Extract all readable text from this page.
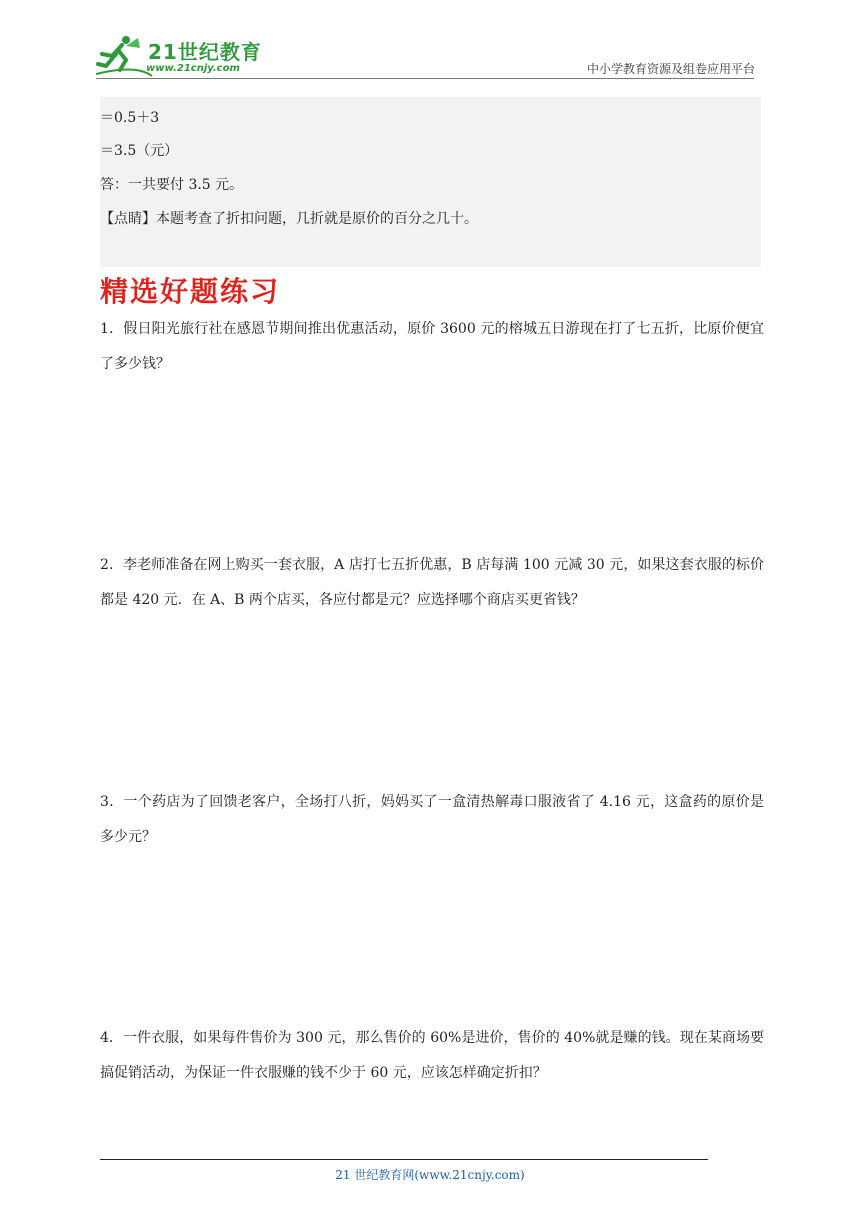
21世纪教育
www.21cnjy.com	中小学教育资源及组卷应用平台
＝0.5＋3
＝3.5（元）
答：一共要付 3.5 元。
【点睛】本题考查了折扣问题，几折就是原价的百分之几十。
精选好题练习
1．假日阳光旅行社在感恩节期间推出优惠活动，原价 3600 元的榕城五日游现在打了七五折，比原价便宜了多少钱？
2．李老师准备在网上购买一套衣服，A 店打七五折优惠，B 店每满 100 元减 30 元，如果这套衣服的标价都是 420 元．在 A、B 两个店买，各应付都是元？应选择哪个商店买更省钱？
3．一个药店为了回馈老客户，全场打八折，妈妈买了一盒清热解毒口服液省了 4.16 元，这盒药的原价是多少元？
4．一件衣服，如果每件售价为 300 元，那么售价的 60%是进价，售价的 40%就是赚的钱。现在某商场要搞促销活动，为保证一件衣服赚的钱不少于 60 元，应该怎样确定折扣？
21 世纪教育网(www.21cnjy.com)
